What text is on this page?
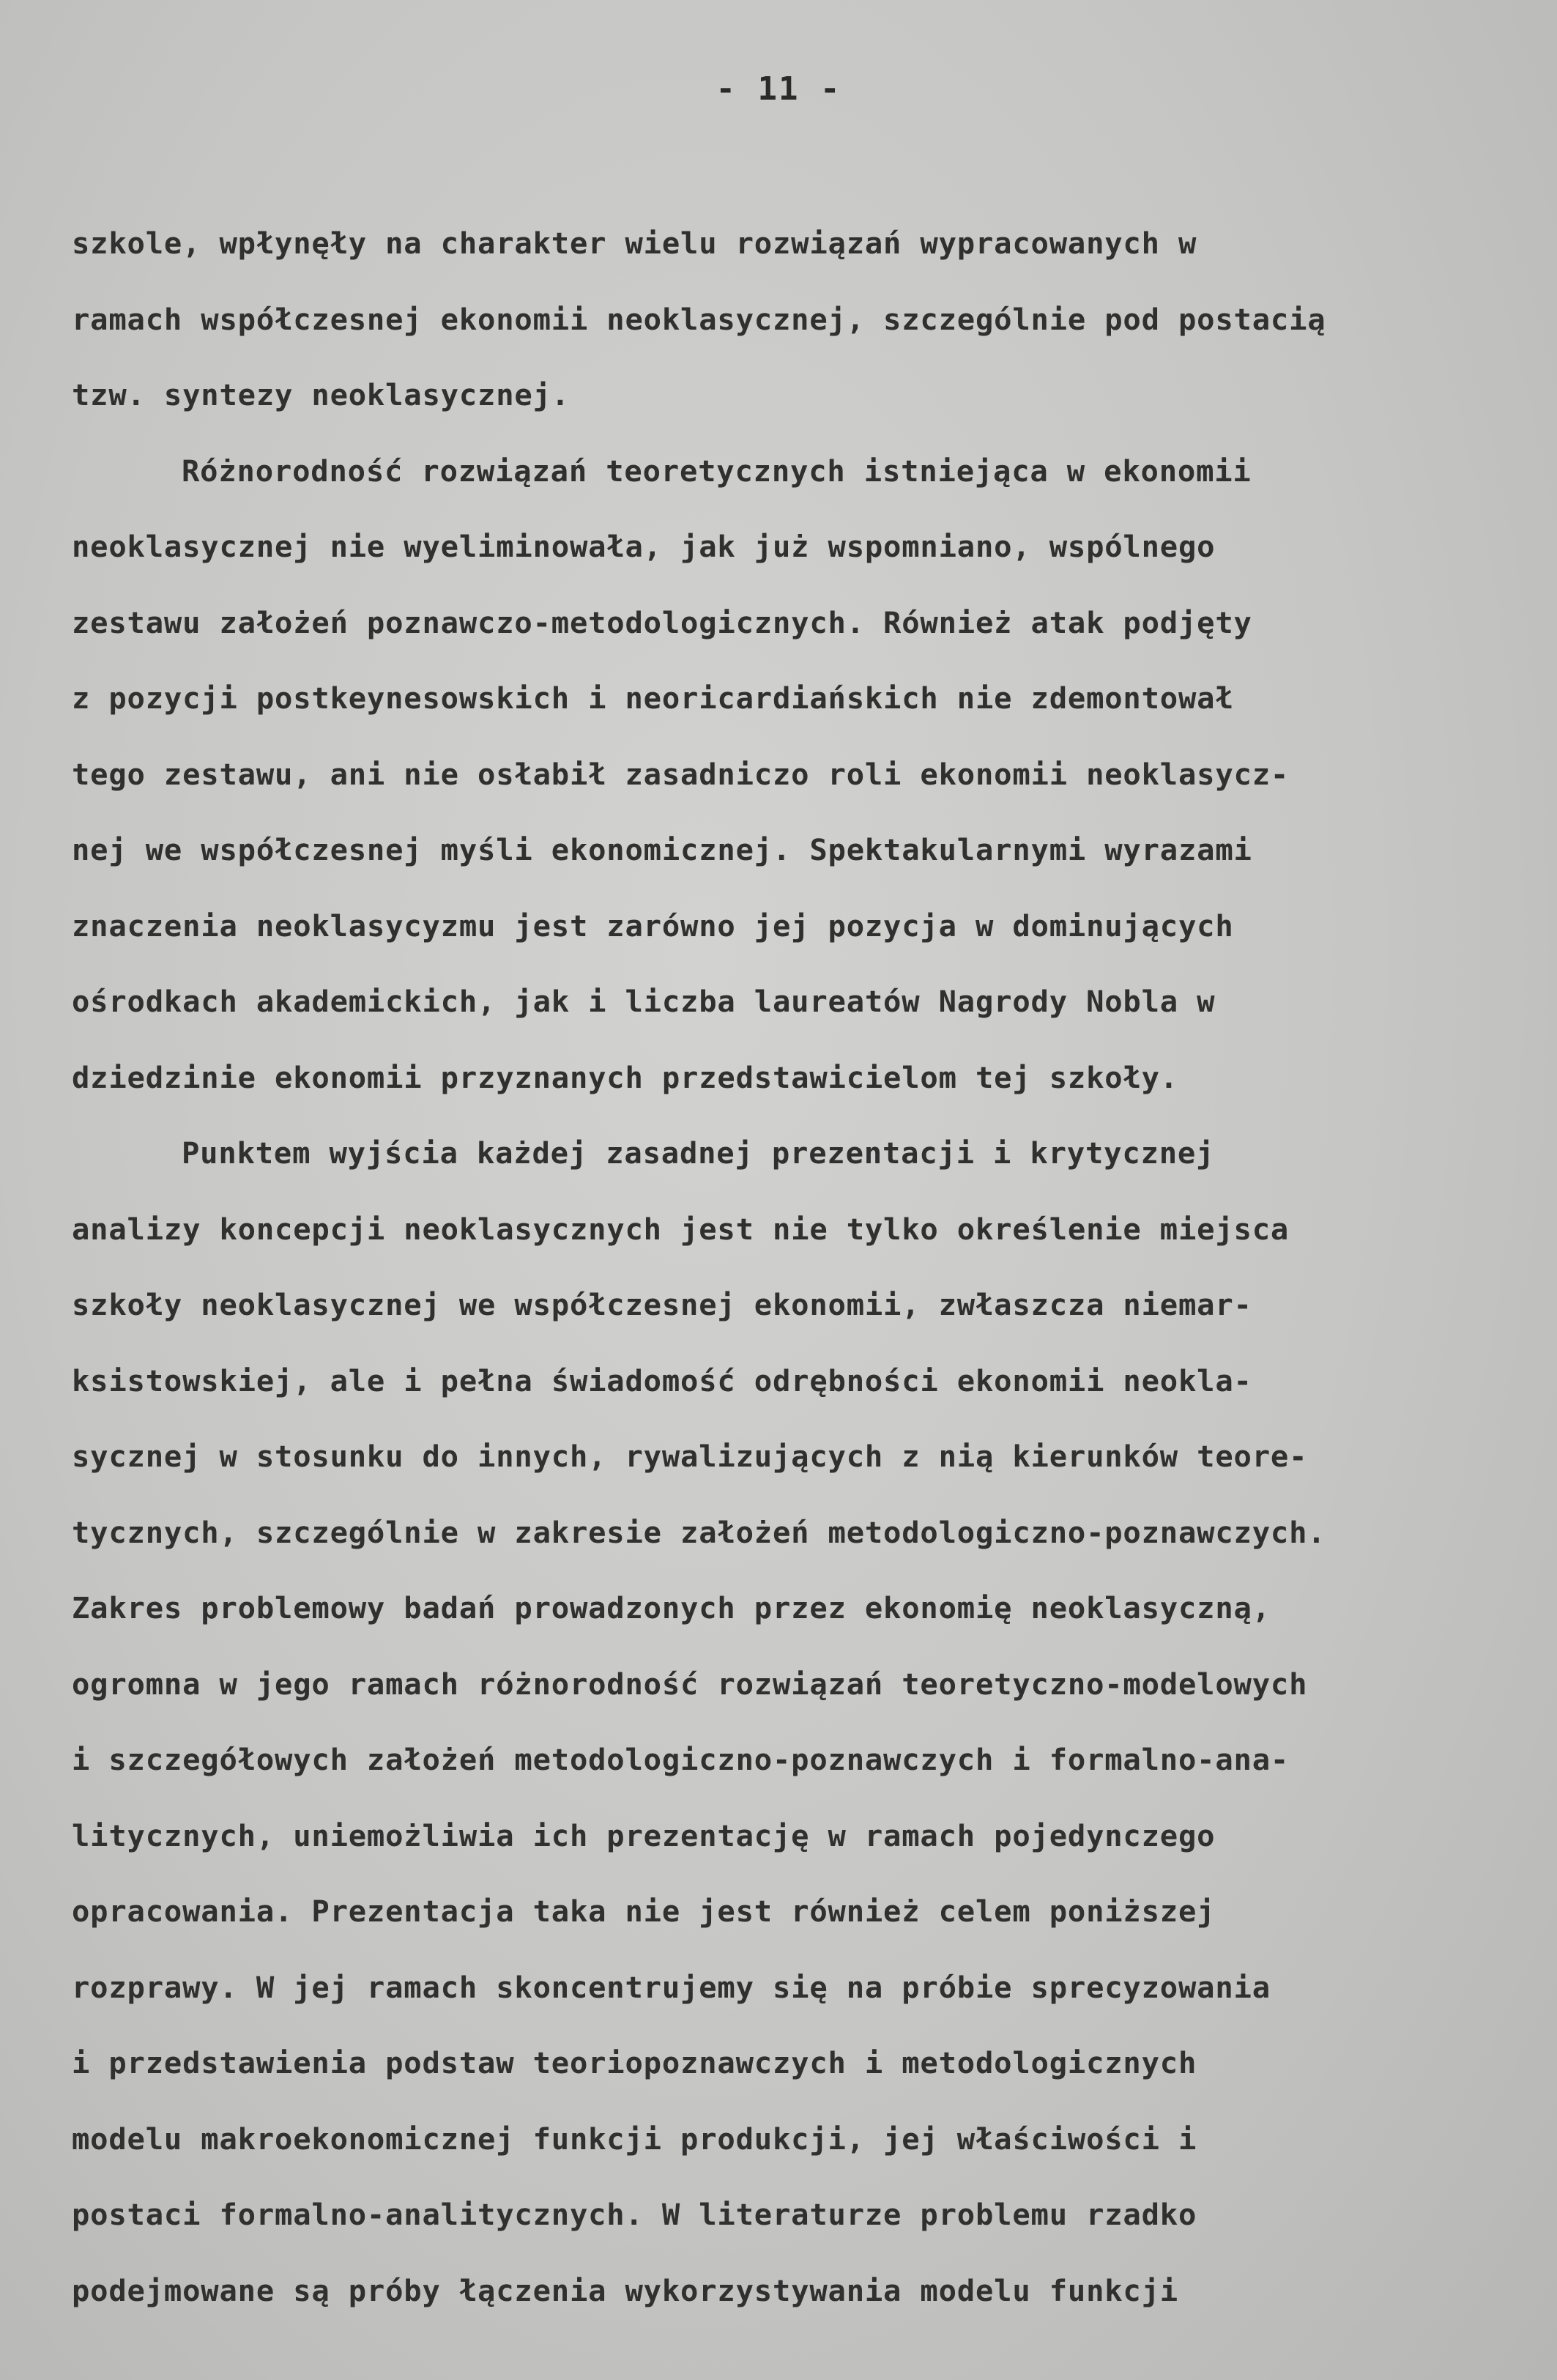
- 11 -
szkole, wpłynęły na charakter wielu rozwiązań wypracowanych w
ramach współczesnej ekonomii neoklasycznej, szczególnie pod postacią
tzw. syntezy neoklasycznej.
Różnorodność rozwiązań teoretycznych istniejąca w ekonomii
neoklasycznej nie wyeliminowała, jak już wspomniano, wspólnego
zestawu założeń poznawczo-metodologicznych. Również atak podjęty
z pozycji postkeynesowskich i neoricardiańskich nie zdemontował
tego zestawu, ani nie osłabił zasadniczo roli ekonomii neoklasycz-
nej we współczesnej myśli ekonomicznej. Spektakularnymi wyrazami
znaczenia neoklasycyzmu jest zarówno jej pozycja w dominujących
ośrodkach akademickich, jak i liczba laureatów Nagrody Nobla w
dziedzinie ekonomii przyznanych przedstawicielom tej szkoły.
Punktem wyjścia każdej zasadnej prezentacji i krytycznej
analizy koncepcji neoklasycznych jest nie tylko określenie miejsca
szkoły neoklasycznej we współczesnej ekonomii, zwłaszcza niemar-
ksistowskiej, ale i pełna świadomość odrębności ekonomii neokla-
sycznej w stosunku do innych, rywalizujących z nią kierunków teore-
tycznych, szczególnie w zakresie założeń metodologiczno-poznawczych.
Zakres problemowy badań prowadzonych przez ekonomię neoklasyczną,
ogromna w jego ramach różnorodność rozwiązań teoretyczno-modelowych
i szczegółowych założeń metodologiczno-poznawczych i formalno-ana-
litycznych, uniemożliwia ich prezentację w ramach pojedynczego
opracowania. Prezentacja taka nie jest również celem poniższej
rozprawy. W jej ramach skoncentrujemy się na próbie sprecyzowania
i przedstawienia podstaw teoriopoznawczych i metodologicznych
modelu makroekonomicznej funkcji produkcji, jej właściwości i
postaci formalno-analitycznych. W literaturze problemu rzadko
podejmowane są próby łączenia wykorzystywania modelu funkcji
